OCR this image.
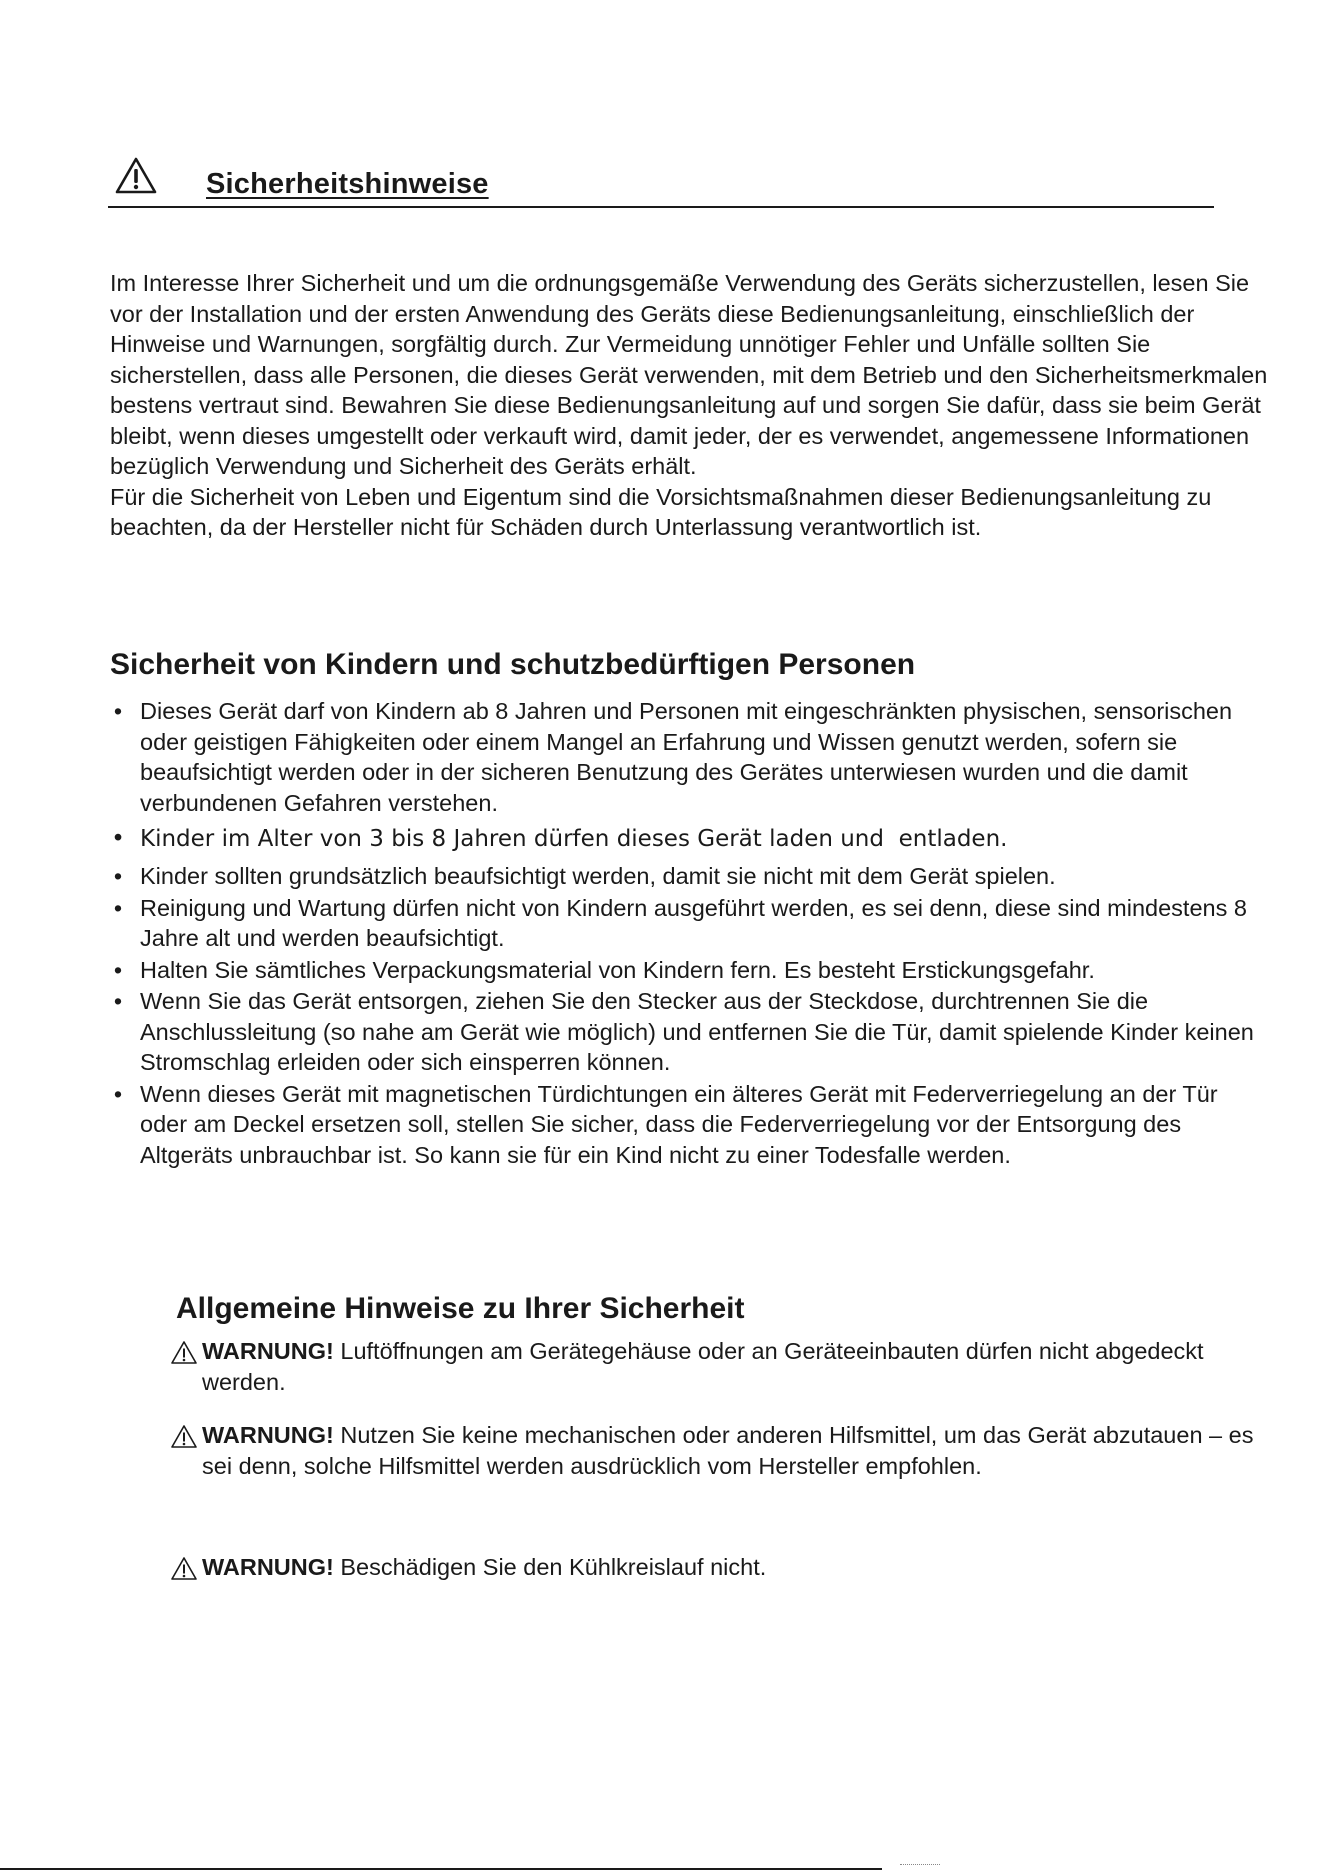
Sicherheitshinweise

Im Interesse Ihrer Sicherheit und um die ordnungsgemäße Verwendung des Geräts sicherzustellen, lesen Sie vor der Installation und der ersten Anwendung des Geräts diese Bedienungsanleitung, einschließlich der Hinweise und Warnungen, sorgfältig durch. Zur Vermeidung unnötiger Fehler und Unfälle sollten Sie sicherstellen, dass alle Personen, die dieses Gerät verwenden, mit dem Betrieb und den Sicherheitsmerkmalen bestens vertraut sind. Bewahren Sie diese Bedienungsanleitung auf und sorgen Sie dafür, dass sie beim Gerät bleibt, wenn dieses umgestellt oder verkauft wird, damit jeder, der es verwendet, angemessene Informationen bezüglich Verwendung und Sicherheit des Geräts erhält.

Für die Sicherheit von Leben und Eigentum sind die Vorsichtsmaßnahmen dieser Bedienungsanleitung zu beachten, da der Hersteller nicht für Schäden durch Unterlassung verantwortlich ist.

Sicherheit von Kindern und schutzbedürftigen Personen
• Dieses Gerät darf von Kindern ab 8 Jahren und Personen mit eingeschränkten physischen, sensorischen oder geistigen Fähigkeiten oder einem Mangel an Erfahrung und Wissen genutzt werden, sofern sie beaufsichtigt werden oder in der sicheren Benutzung des Gerätes unterwiesen wurden und die damit verbundenen Gefahren verstehen.
• Kinder im Alter von 3 bis 8 Jahren dürfen dieses Gerät laden und  entladen.
• Kinder sollten grundsätzlich beaufsichtigt werden, damit sie nicht mit dem Gerät spielen.
• Reinigung und Wartung dürfen nicht von Kindern ausgeführt werden, es sei denn, diese sind mindestens 8 Jahre alt und werden beaufsichtigt.
• Halten Sie sämtliches Verpackungsmaterial von Kindern fern. Es besteht Erstickungsgefahr.
• Wenn Sie das Gerät entsorgen, ziehen Sie den Stecker aus der Steckdose, durchtrennen Sie die Anschlussleitung (so nahe am Gerät wie möglich) und entfernen Sie die Tür, damit spielende Kinder keinen Stromschlag erleiden oder sich einsperren können.
• Wenn dieses Gerät mit magnetischen Türdichtungen ein älteres Gerät mit Federverriegelung an der Tür oder am Deckel ersetzen soll, stellen Sie sicher, dass die Federverriegelung vor der Entsorgung des Altgeräts unbrauchbar ist. So kann sie für ein Kind nicht zu einer Todesfalle werden.
Allgemeine Hinweise zu Ihrer Sicherheit
WARNUNG! Luftöffnungen am Gerätegehäuse oder an Geräteeinbauten dürfen nicht abgedeckt werden.
WARNUNG! Nutzen Sie keine mechanischen oder anderen Hilfsmittel, um das Gerät abzutauen – es sei denn, solche Hilfsmittel werden ausdrücklich vom Hersteller empfohlen.
WARNUNG! Beschädigen Sie den Kühlkreislauf nicht.
